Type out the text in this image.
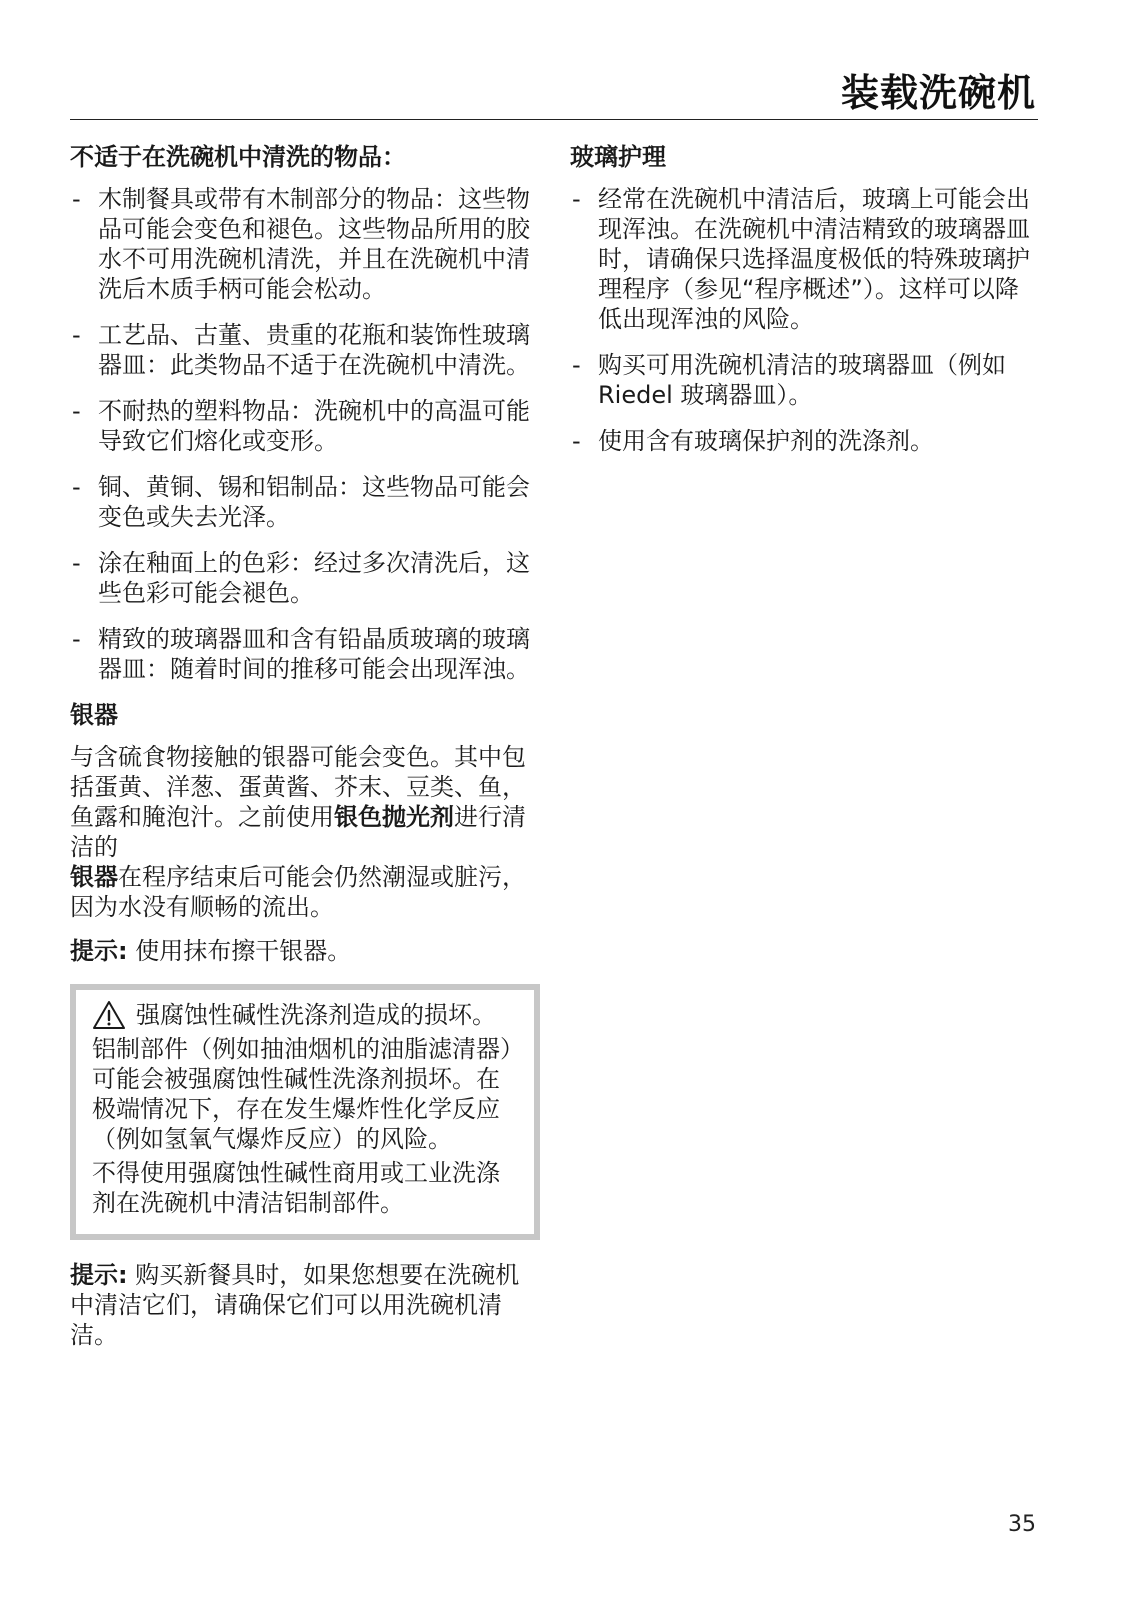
装载洗碗机
不适于在洗碗机中清洗的物品：
- 木制餐具或带有木制部分的物品：这些物品可能会变色和褪色。这些物品所用的胶水不可用洗碗机清洗，并且在洗碗机中清洗后木质手柄可能会松动。
- 工艺品、古董、贵重的花瓶和装饰性玻璃器皿：此类物品不适于在洗碗机中清洗。
- 不耐热的塑料物品：洗碗机中的高温可能导致它们熔化或变形。
- 铜、黄铜、锡和铝制品：这些物品可能会变色或失去光泽。
- 涂在釉面上的色彩：经过多次清洗后，这些色彩可能会褪色。
- 精致的玻璃器皿和含有铅晶质玻璃的玻璃器皿：随着时间的推移可能会出现浑浊。
银器
与含硫食物接触的银器可能会变色。其中包括蛋黄、洋葱、蛋黄酱、芥末、豆类、鱼，鱼露和腌泡汁。之前使用银色抛光剂进行清洁的
银器在程序结束后可能会仍然潮湿或脏污，因为水没有顺畅的流出。
提示: 使用抹布擦干银器。
强腐蚀性碱性洗涤剂造成的损坏。
铝制部件（例如抽油烟机的油脂滤清器）可能会被强腐蚀性碱性洗涤剂损坏。在极端情况下，存在发生爆炸性化学反应（例如氢氧气爆炸反应）的风险。
不得使用强腐蚀性碱性商用或工业洗涤剂在洗碗机中清洁铝制部件。
提示: 购买新餐具时，如果您想要在洗碗机中清洁它们，请确保它们可以用洗碗机清洁。
玻璃护理
- 经常在洗碗机中清洁后，玻璃上可能会出现浑浊。在洗碗机中清洁精致的玻璃器皿时，请确保只选择温度极低的特殊玻璃护理程序（参见“程序概述”）。这样可以降低出现浑浊的风险。
- 购买可用洗碗机清洁的玻璃器皿（例如 Riedel 玻璃器皿）。
- 使用含有玻璃保护剂的洗涤剂。
35
